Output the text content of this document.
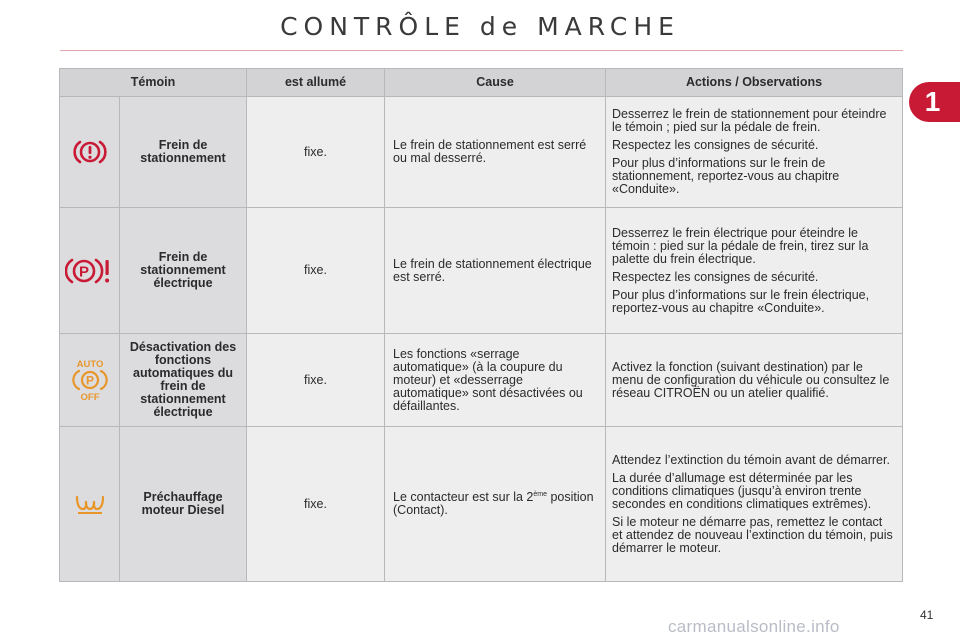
CONTRÔLE de MARCHE
1
Témoin		est allumé	Cause	Actions / Observations

	Frein de stationnement	fixe.	Le frein de stationnement est serré ou mal desserré.	Desserrez le frein de stationnement pour éteindre le témoin ; pied sur la pédale de frein.

Respectez les consignes de sécurité.

Pour plus d’informations sur le frein de stationnement, reportez-vous au chapitre «Conduite».

P	Frein de stationnement électrique	fixe.	Le frein de stationnement électrique est serré.	Desserrez le frein électrique pour éteindre le témoin : pied sur la pédale de frein, tirez sur la palette du frein électrique.

Respectez les consignes de sécurité.

Pour plus d’informations sur le frein électrique, reportez-vous au chapitre «Conduite».

AUTO
P
OFF	Désactivation des fonctions automatiques du frein de stationnement électrique	fixe.	Les fonctions «serrage automatique» (à la coupure du moteur) et «desserrage automatique» sont désactivées ou défaillantes.	Activez la fonction (suivant destination) par le menu de configuration du véhicule ou consultez le réseau CITROËN ou un atelier qualifié.

	Préchauffage moteur Diesel	fixe.	Le contacteur est sur la 2ème position (Contact).	Attendez l’extinction du témoin avant de démarrer.

La durée d’allumage est déterminée par les conditions climatiques (jusqu’à environ trente secondes en conditions climatiques extrêmes).

Si le moteur ne démarre pas, remettez le contact et attendez de nouveau l’extinction du témoin, puis démarrer le moteur.

41
carmanualsonline.info
